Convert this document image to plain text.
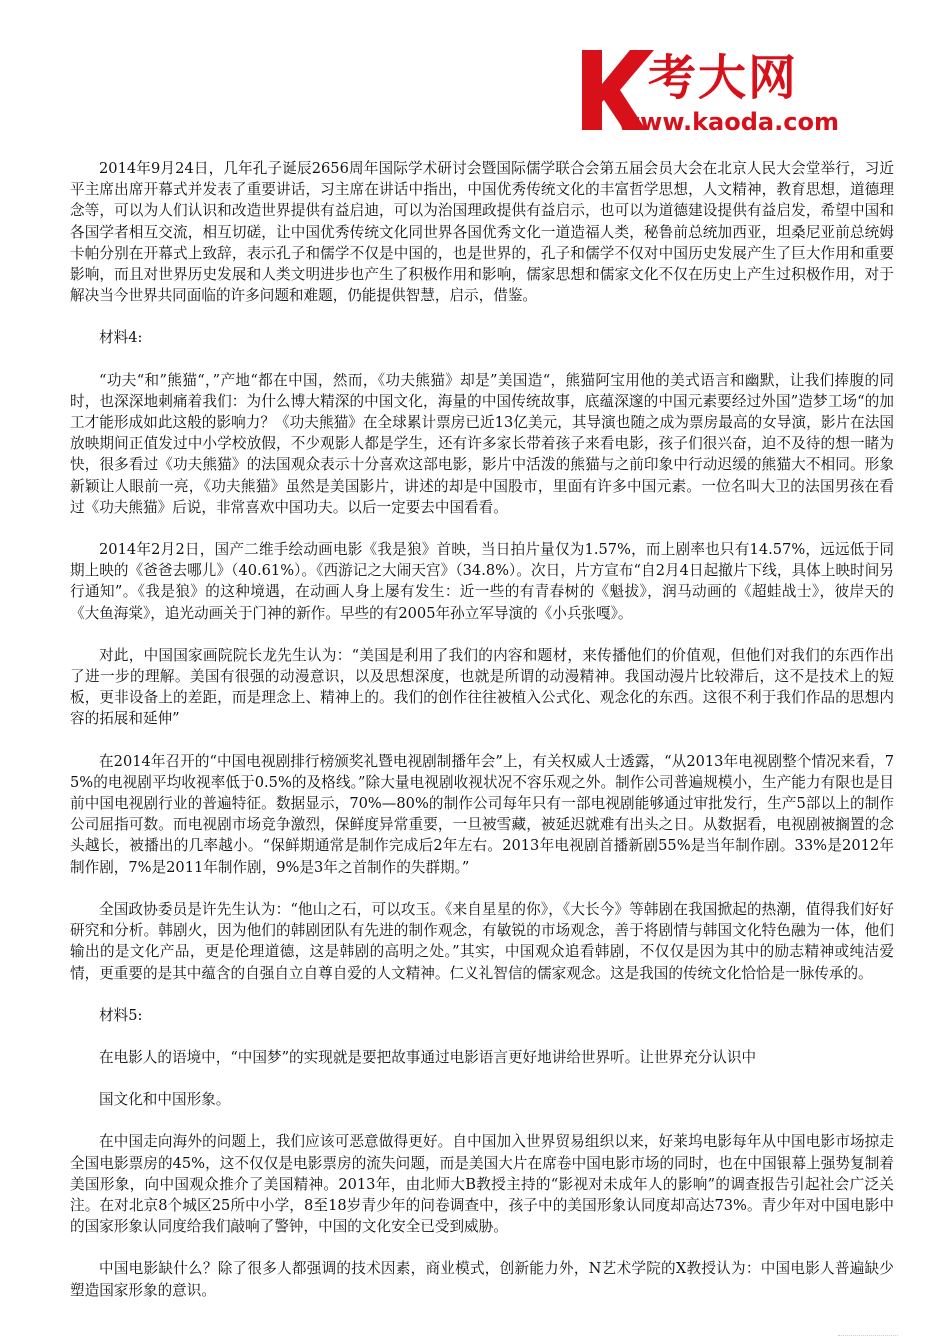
考大网
www.kaoda.com

2014年9月24日，几年孔子诞辰2656周年国际学术研讨会暨国际儒学联合会第五届会员大会在北京人民大会堂举行，习近平主席出席开幕式并发表了重要讲话，习主席在讲话中指出，中国优秀传统文化的丰富哲学思想，人文精神，教育思想，道德理念等，可以为人们认识和改造世界提供有益启迪，可以为治国理政提供有益启示，也可以为道德建设提供有益启发，希望中国和各国学者相互交流，相互切磋，让中国优秀传统文化同世界各国优秀文化一道造福人类，秘鲁前总统加西亚，坦桑尼亚前总统姆卡帕分别在开幕式上致辞，表示孔子和儒学不仅是中国的，也是世界的，孔子和儒学不仅对中国历史发展产生了巨大作用和重要影响，而且对世界历史发展和人类文明进步也产生了积极作用和影响，儒家思想和儒家文化不仅在历史上产生过积极作用，对于解决当今世界共同面临的许多问题和难题，仍能提供智慧，启示，借鉴。

材料4:

“功夫“和”熊猫“，”产地“都在中国，然而，《功夫熊猫》却是”美国造“，熊猫阿宝用他的美式语言和幽默，让我们捧腹的同时，也深深地刺痛着我们：为什么博大精深的中国文化，海量的中国传统故事，底蕴深邃的中国元素要经过外国”造梦工场“的加工才能形成如此这般的影响力？《功夫熊猫》在全球累计票房已近13亿美元，其导演也随之成为票房最高的女导演，影片在法国放映期间正值发过中小学校放假，不少观影人都是学生，还有许多家长带着孩子来看电影，孩子们很兴奋，迫不及待的想一睹为快，很多看过《功夫熊猫》的法国观众表示十分喜欢这部电影，影片中活泼的熊猫与之前印象中行动迟缓的熊猫大不相同。形象新颖让人眼前一亮，《功夫熊猫》虽然是美国影片，讲述的却是中国股市，里面有许多中国元素。一位名叫大卫的法国男孩在看过《功夫熊猫》后说，非常喜欢中国功夫。以后一定要去中国看看。

2014年2月2日，国产二维手绘动画电影《我是狼》首映，当日拍片量仅为1.57%，而上剧率也只有14.57%，远远低于同期上映的《爸爸去哪儿》（40.61%）。《西游记之大闹天宫》（34.8%）。次日，片方宣布“自2月4日起撤片下线，具体上映时间另行通知”。《我是狼》的这种境遇，在动画人身上屡有发生：近一些的有青春树的《魁拔》，润马动画的《超蛙战士》，彼岸天的《大鱼海棠》，追光动画关于门神的新作。早些的有2005年孙立军导演的《小兵张嘎》。

对此，中国国家画院院长龙先生认为：“美国是利用了我们的内容和题材，来传播他们的价值观，但他们对我们的东西作出了进一步的理解。美国有很强的动漫意识，以及思想深度，也就是所谓的动漫精神。我国动漫片比较滞后，这不是技术上的短板，更非设备上的差距，而是理念上、精神上的。我们的创作往往被植入公式化、观念化的东西。这很不利于我们作品的思想内容的拓展和延伸”

在2014年召开的“中国电视剧排行榜颁奖礼暨电视剧制播年会”上，有关权威人士透露，“从2013年电视剧整个情况来看，75%的电视剧平均收视率低于0.5%的及格线。”除大量电视剧收视状况不容乐观之外。制作公司普遍规模小，生产能力有限也是目前中国电视剧行业的普遍特征。数据显示，70%—80%的制作公司每年只有一部电视剧能够通过审批发行，生产5部以上的制作公司屈指可数。而电视剧市场竞争激烈，保鲜度异常重要，一旦被雪藏，被延迟就难有出头之日。从数据看，电视剧被搁置的念头越长，被播出的几率越小。“保鲜期通常是制作完成后2年左右。2013年电视剧首播新剧55%是当年制作剧。33%是2012年制作剧，7%是2011年制作剧，9%是3年之首制作的失群期。”

全国政协委员是许先生认为：“他山之石，可以攻玉。《来自星星的你》，《大长今》等韩剧在我国掀起的热潮，值得我们好好研究和分析。韩剧火，因为他们的韩剧团队有先进的制作观念，有敏锐的市场观念，善于将剧情与韩国文化特色融为一体，他们输出的是文化产品，更是伦理道德，这是韩剧的高明之处。”其实，中国观众追看韩剧，不仅仅是因为其中的励志精神或纯洁爱情，更重要的是其中蕴含的自强自立自尊自爱的人文精神。仁义礼智信的儒家观念。这是我国的传统文化恰恰是一脉传承的。

材料5:

在电影人的语境中，“中国梦”的实现就是要把故事通过电影语言更好地讲给世界听。让世界充分认识中

国文化和中国形象。

在中国走向海外的问题上，我们应该可恶意做得更好。自中国加入世界贸易组织以来，好莱坞电影每年从中国电影市场掠走全国电影票房的45%，这不仅仅是电影票房的流失问题，而是美国大片在席卷中国电影市场的同时，也在中国银幕上强势复制着美国形象，向中国观众推介了美国精神。2013年，由北师大B教授主持的“影视对未成年人的影响”的调查报告引起社会广泛关注。在对北京8个城区25所中小学，8至18岁青少年的问卷调查中，孩子中的美国形象认同度却高达73%。青少年对中国电影中的国家形象认同度给我们敲响了警钟，中国的文化安全已受到威胁。

中国电影缺什么？除了很多人都强调的技术因素，商业模式，创新能力外，N艺术学院的X教授认为：中国电影人普遍缺少塑造国家形象的意识。
